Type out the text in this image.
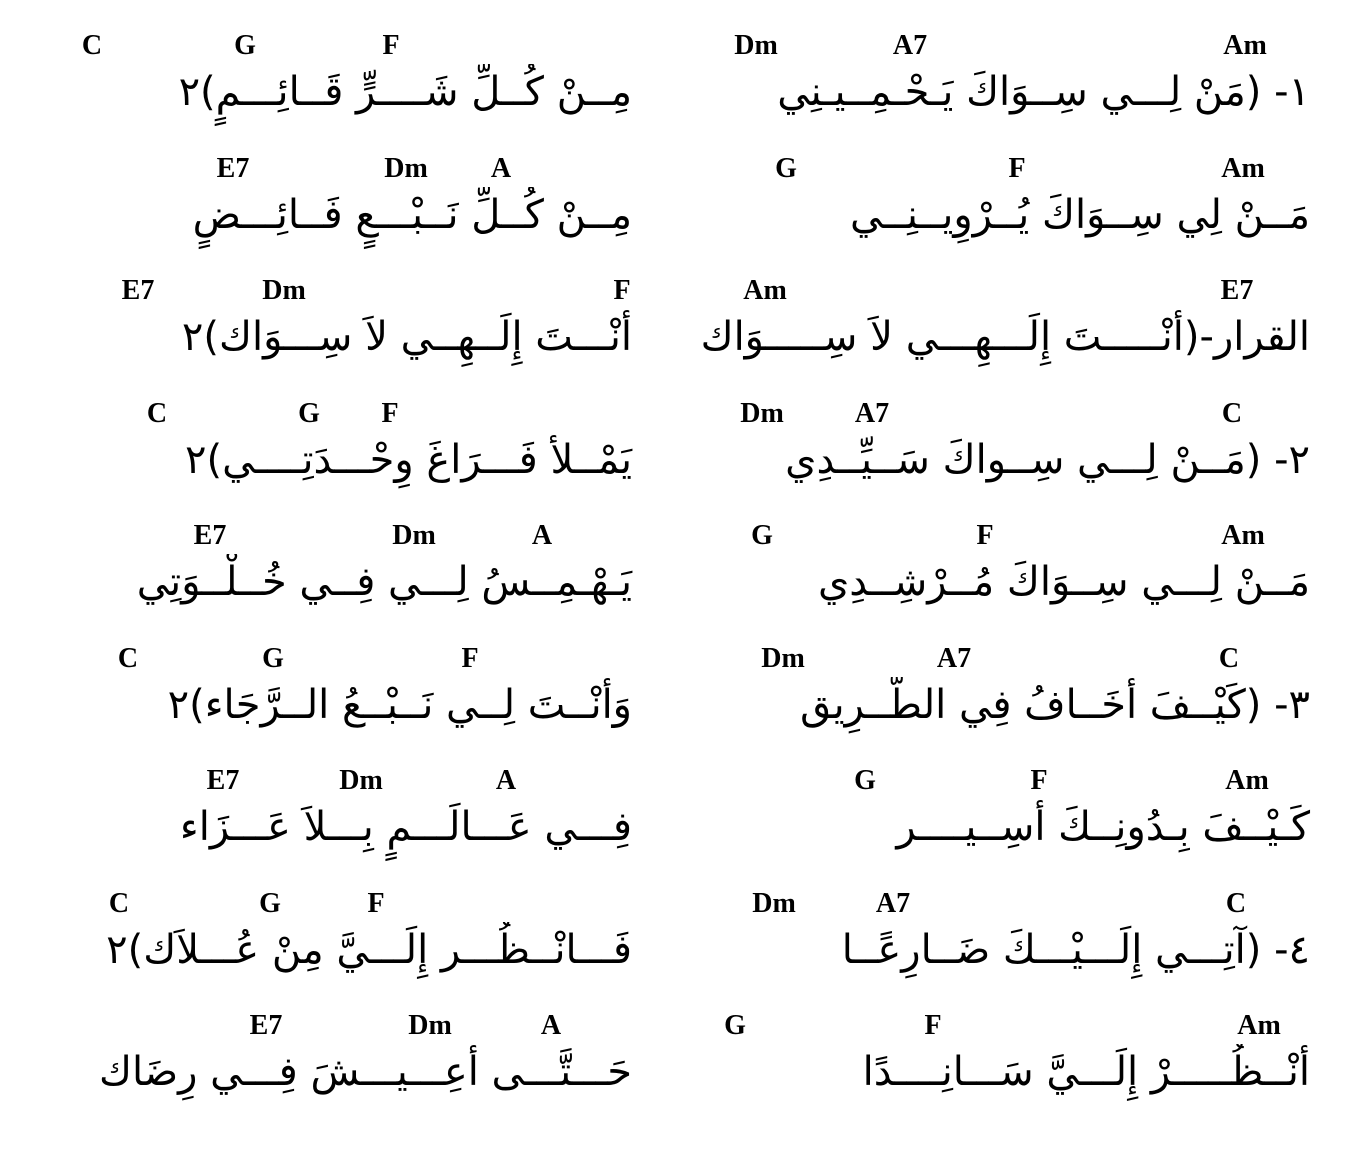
Am
A7
Dm
١- (مَنْ لِـــي سِــوَاكَ يَـحْـمِــيـنِي
Am
F
G
مَــنْ لِي سِــوَاكَ يُــرْوِيــنِــي
E7
Am
القرار-(أَنْـــــتَ إِلَـــهِـــي لاَ سِـــــوَاك
C
A7
Dm
٢- (مَــنْ لِـــي سِــواكَ سَــيِّــدِي
Am
F
G
مَــنْ لِـــي سِــوَاكَ مُــرْشِــدِي
C
A7
Dm
٣- (كَيْــفَ أَخَــافُ فِي الطَّــرِيق
Am
F
G
كَـيْــفَ بِـدُونِــكَ أَسِــيــــر
C
A7
Dm
٤- (آتِـــي إِلَـــيْـــكَ ضَــارِعًــا
Am
F
G
أُنْــظُـــــرْ إِلَـــيَّ سَـــانِــــدًا
F
G
C
مِــنْ كُــلِّ شَــــرٍّ قَــائِـــمٍ)٢
A
Dm
E7
مِــنْ كُــلِّ نَــبْـــعٍ فَــائِـــضٍ
F
Dm
E7
أَنْـــتَ إِلَــهِــي لاَ سِـــوَاك)٢
F
G
C
يَمْــلأ فَـــرَاغَ وِحْـــدَتِــــي)٢
A
Dm
E7
يَـهْـمِــسُ لِـــي فِــي خُــلْــوَتِي
F
G
C
وَأَنْــتَ لِــي نَــبْــعُ الــرَّجَاء)٢
A
Dm
E7
فِـــي عَـــالَـــمٍ بِـــلاَ عَـــزَاء
F
G
C
فَـــانْــظُـــر إِلَـــيَّ مِنْ عُـــلاَك)٢
A
Dm
E7
حَـــتَّـــى أَعِـــيـــشَ فِـــي رِضَاك
